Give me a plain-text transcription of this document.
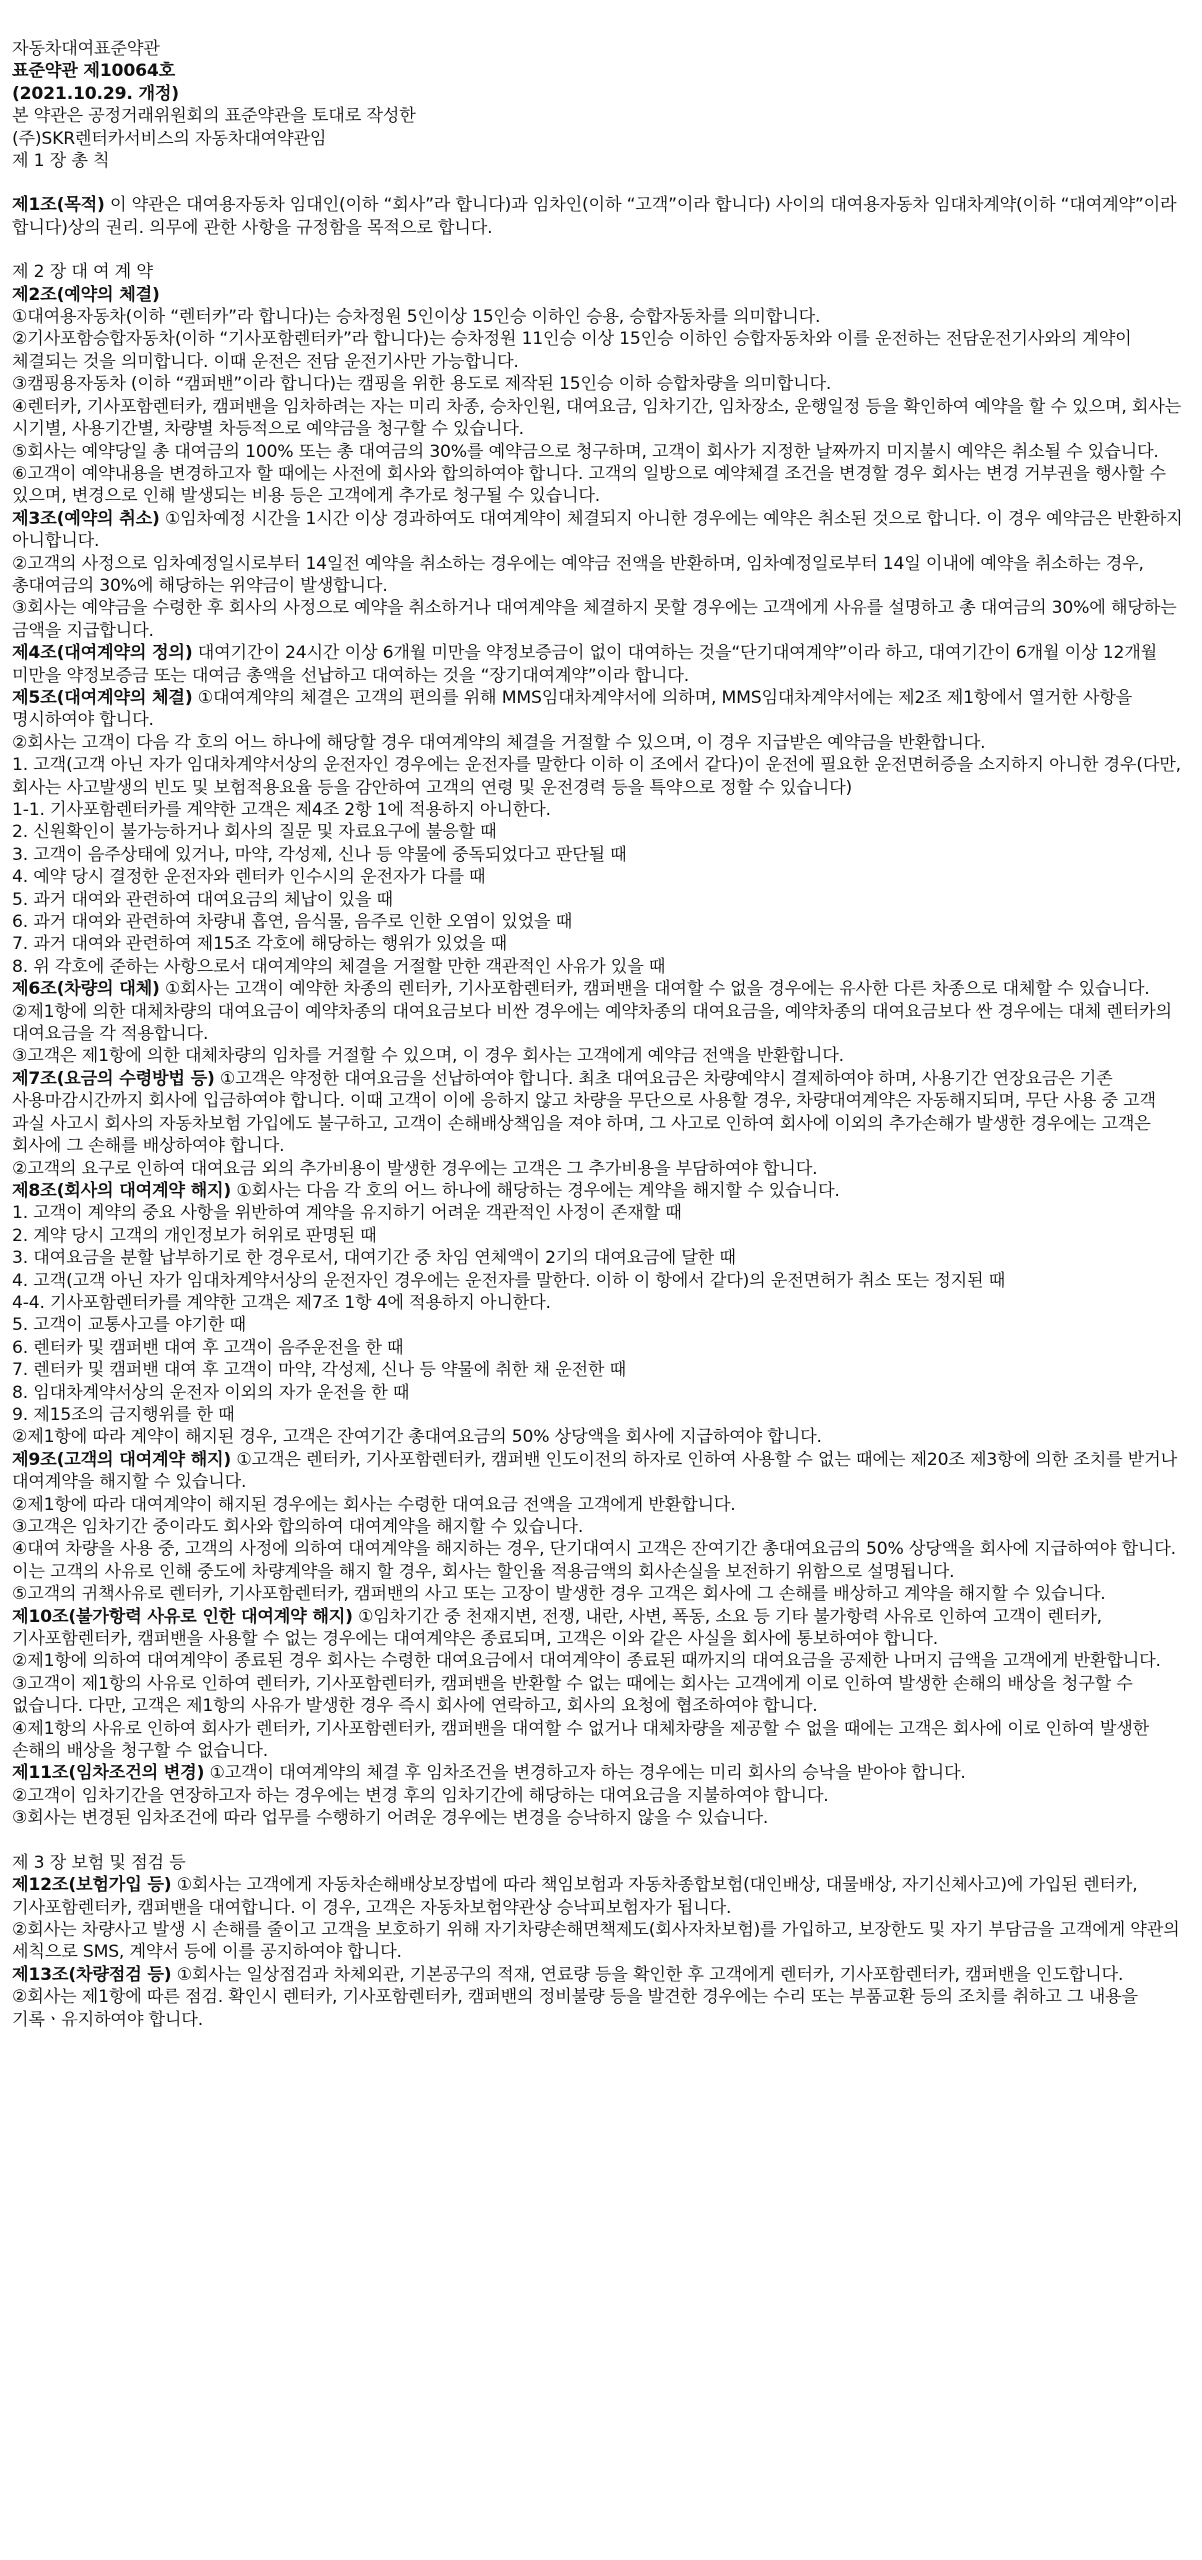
자동차대여표준약관
표준약관 제10064호
(2021.10.29. 개정)
본 약관은 공정거래위원회의 표준약관을 토대로 작성한
(주)SKR렌터카서비스의 자동차대여약관임
제 1 장 총 칙
제1조(목적) 이 약관은 대여용자동차 임대인(이하 “회사”라 합니다)과 임차인(이하 “고객”이라 합니다) 사이의 대여용자동차 임대차계약(이하 “대여계약”이라 합니다)상의 권리. 의무에 관한 사항을 규정함을 목적으로 합니다.
제 2 장 대 여 계 약
제2조(예약의 체결)
①대여용자동차(이하 “렌터카”라 합니다)는 승차정원 5인이상 15인승 이하인 승용, 승합자동차를 의미합니다.
②기사포함승합자동차(이하 “기사포함렌터카”라 합니다)는 승차정원 11인승 이상 15인승 이하인 승합자동차와 이를 운전하는 전담운전기사와의 계약이 체결되는 것을 의미합니다. 이때 운전은 전담 운전기사만 가능합니다.
③캠핑용자동차 (이하 “캠퍼밴”이라 합니다)는 캠핑을 위한 용도로 제작된 15인승 이하 승합차량을 의미합니다.
④렌터카, 기사포함렌터카, 캠퍼밴을 임차하려는 자는 미리 차종, 승차인원, 대여요금, 임차기간, 임차장소, 운행일정 등을 확인하여 예약을 할 수 있으며, 회사는 시기별, 사용기간별, 차량별 차등적으로 예약금을 청구할 수 있습니다.
⑤회사는 예약당일 총 대여금의 100% 또는 총 대여금의 30%를 예약금으로 청구하며, 고객이 회사가 지정한 날짜까지 미지불시 예약은 취소될 수 있습니다.
⑥고객이 예약내용을 변경하고자 할 때에는 사전에 회사와 합의하여야 합니다. 고객의 일방으로 예약체결 조건을 변경할 경우 회사는 변경 거부권을 행사할 수 있으며, 변경으로 인해 발생되는 비용 등은 고객에게 추가로 청구될 수 있습니다.
제3조(예약의 취소) ①임차예정 시간을 1시간 이상 경과하여도 대여계약이 체결되지 아니한 경우에는 예약은 취소된 것으로 합니다. 이 경우 예약금은 반환하지 아니합니다.
②고객의 사정으로 임차예정일시로부터 14일전 예약을 취소하는 경우에는 예약금 전액을 반환하며, 임차예정일로부터 14일 이내에 예약을 취소하는 경우, 총대여금의 30%에 해당하는 위약금이 발생합니다.
③회사는 예약금을 수령한 후 회사의 사정으로 예약을 취소하거나 대여계약을 체결하지 못할 경우에는 고객에게 사유를 설명하고 총 대여금의 30%에 해당하는 금액을 지급합니다.
제4조(대여계약의 정의) 대여기간이 24시간 이상 6개월 미만을 약정보증금이 없이 대여하는 것을“단기대여계약”이라 하고, 대여기간이 6개월 이상 12개월 미만을 약정보증금 또는 대여금 총액을 선납하고 대여하는 것을 “장기대여계약”이라 합니다.
제5조(대여계약의 체결) ①대여계약의 체결은 고객의 편의를 위해 MMS임대차계약서에 의하며, MMS임대차계약서에는 제2조 제1항에서 열거한 사항을 명시하여야 합니다.
②회사는 고객이 다음 각 호의 어느 하나에 해당할 경우 대여계약의 체결을 거절할 수 있으며, 이 경우 지급받은 예약금을 반환합니다.
1. 고객(고객 아닌 자가 임대차계약서상의 운전자인 경우에는 운전자를 말한다 이하 이 조에서 같다)이 운전에 필요한 운전면허증을 소지하지 아니한 경우(다만, 회사는 사고발생의 빈도 및 보험적용요율 등을 감안하여 고객의 연령 및 운전경력 등을 특약으로 정할 수 있습니다)
1-1. 기사포함렌터카를 계약한 고객은 제4조 2항 1에 적용하지 아니한다.
2. 신원확인이 불가능하거나 회사의 질문 및 자료요구에 불응할 때
3. 고객이 음주상태에 있거나, 마약, 각성제, 신나 등 약물에 중독되었다고 판단될 때
4. 예약 당시 결정한 운전자와 렌터카 인수시의 운전자가 다를 때
5. 과거 대여와 관련하여 대여요금의 체납이 있을 때
6. 과거 대여와 관련하여 차량내 흡연, 음식물, 음주로 인한 오염이 있었을 때
7. 과거 대여와 관련하여 제15조 각호에 해당하는 행위가 있었을 때
8. 위 각호에 준하는 사항으로서 대여계약의 체결을 거절할 만한 객관적인 사유가 있을 때
제6조(차량의 대체) ①회사는 고객이 예약한 차종의 렌터카, 기사포함렌터카, 캠퍼밴을 대여할 수 없을 경우에는 유사한 다른 차종으로 대체할 수 있습니다.
②제1항에 의한 대체차량의 대여요금이 예약차종의 대여요금보다 비싼 경우에는 예약차종의 대여요금을, 예약차종의 대여요금보다 싼 경우에는 대체 렌터카의 대여요금을 각 적용합니다.
③고객은 제1항에 의한 대체차량의 임차를 거절할 수 있으며, 이 경우 회사는 고객에게 예약금 전액을 반환합니다.
제7조(요금의 수령방법 등) ①고객은 약정한 대여요금을 선납하여야 합니다. 최초 대여요금은 차량예약시 결제하여야 하며, 사용기간 연장요금은 기존 사용마감시간까지 회사에 입금하여야 합니다. 이때 고객이 이에 응하지 않고 차량을 무단으로 사용할 경우, 차량대여계약은 자동해지되며, 무단 사용 중 고객 과실 사고시 회사의 자동차보험 가입에도 불구하고, 고객이 손해배상책임을 져야 하며, 그 사고로 인하여 회사에 이외의 추가손해가 발생한 경우에는 고객은 회사에 그 손해를 배상하여야 합니다.
②고객의 요구로 인하여 대여요금 외의 추가비용이 발생한 경우에는 고객은 그 추가비용을 부담하여야 합니다.
제8조(회사의 대여계약 해지) ①회사는 다음 각 호의 어느 하나에 해당하는 경우에는 계약을 해지할 수 있습니다.
1. 고객이 계약의 중요 사항을 위반하여 계약을 유지하기 어려운 객관적인 사정이 존재할 때
2. 계약 당시 고객의 개인정보가 허위로 판명된 때
3. 대여요금을 분할 납부하기로 한 경우로서, 대여기간 중 차임 연체액이 2기의 대여요금에 달한 때
4. 고객(고객 아닌 자가 임대차계약서상의 운전자인 경우에는 운전자를 말한다. 이하 이 항에서 같다)의 운전면허가 취소 또는 정지된 때
4-4. 기사포함렌터카를 계약한 고객은 제7조 1항 4에 적용하지 아니한다.
5. 고객이 교통사고를 야기한 때
6. 렌터카 및 캠퍼밴 대여 후 고객이 음주운전을 한 때
7. 렌터카 및 캠퍼밴 대여 후 고객이 마약, 각성제, 신나 등 약물에 취한 채 운전한 때
8. 임대차계약서상의 운전자 이외의 자가 운전을 한 때
9. 제15조의 금지행위를 한 때
②제1항에 따라 계약이 해지된 경우, 고객은 잔여기간 총대여요금의 50% 상당액을 회사에 지급하여야 합니다.
제9조(고객의 대여계약 해지) ①고객은 렌터카, 기사포함렌터카, 캠퍼밴 인도이전의 하자로 인하여 사용할 수 없는 때에는 제20조 제3항에 의한 조치를 받거나 대여계약을 해지할 수 있습니다.
②제1항에 따라 대여계약이 해지된 경우에는 회사는 수령한 대여요금 전액을 고객에게 반환합니다.
③고객은 임차기간 중이라도 회사와 합의하여 대여계약을 해지할 수 있습니다.
④대여 차량을 사용 중, 고객의 사정에 의하여 대여계약을 해지하는 경우, 단기대여시 고객은 잔여기간 총대여요금의 50% 상당액을 회사에 지급하여야 합니다.
이는 고객의 사유로 인해 중도에 차량계약을 해지 할 경우, 회사는 할인율 적용금액의 회사손실을 보전하기 위함으로 설명됩니다.
⑤고객의 귀책사유로 렌터카, 기사포함렌터카, 캠퍼밴의 사고 또는 고장이 발생한 경우 고객은 회사에 그 손해를 배상하고 계약을 해지할 수 있습니다.
제10조(불가항력 사유로 인한 대여계약 해지) ①임차기간 중 천재지변, 전쟁, 내란, 사변, 폭동, 소요 등 기타 불가항력 사유로 인하여 고객이 렌터카, 기사포함렌터카, 캠퍼밴을 사용할 수 없는 경우에는 대여계약은 종료되며, 고객은 이와 같은 사실을 회사에 통보하여야 합니다.
②제1항에 의하여 대여계약이 종료된 경우 회사는 수령한 대여요금에서 대여계약이 종료된 때까지의 대여요금을 공제한 나머지 금액을 고객에게 반환합니다.
③고객이 제1항의 사유로 인하여 렌터카, 기사포함렌터카, 캠퍼밴을 반환할 수 없는 때에는 회사는 고객에게 이로 인하여 발생한 손해의 배상을 청구할 수 없습니다. 다만, 고객은 제1항의 사유가 발생한 경우 즉시 회사에 연락하고, 회사의 요청에 협조하여야 합니다.
④제1항의 사유로 인하여 회사가 렌터카, 기사포함렌터카, 캠퍼밴을 대여할 수 없거나 대체차량을 제공할 수 없을 때에는 고객은 회사에 이로 인하여 발생한 손해의 배상을 청구할 수 없습니다.
제11조(임차조건의 변경) ①고객이 대여계약의 체결 후 임차조건을 변경하고자 하는 경우에는 미리 회사의 승낙을 받아야 합니다.
②고객이 임차기간을 연장하고자 하는 경우에는 변경 후의 임차기간에 해당하는 대여요금을 지불하여야 합니다.
③회사는 변경된 임차조건에 따라 업무를 수행하기 어려운 경우에는 변경을 승낙하지 않을 수 있습니다.
제 3 장 보험 및 점검 등
제12조(보험가입 등) ①회사는 고객에게 자동차손해배상보장법에 따라 책임보험과 자동차종합보험(대인배상, 대물배상, 자기신체사고)에 가입된 렌터카, 기사포함렌터카, 캠퍼밴을 대여합니다. 이 경우, 고객은 자동차보험약관상 승낙피보험자가 됩니다.
②회사는 차량사고 발생 시 손해를 줄이고 고객을 보호하기 위해 자기차량손해면책제도(회사자차보험)를 가입하고, 보장한도 및 자기 부담금을 고객에게 약관의 세칙으로 SMS, 계약서 등에 이를 공지하여야 합니다.
제13조(차량점검 등) ①회사는 일상점검과 차체외관, 기본공구의 적재, 연료량 등을 확인한 후 고객에게 렌터카, 기사포함렌터카, 캠퍼밴을 인도합니다.
②회사는 제1항에 따른 점검. 확인시 렌터카, 기사포함렌터카, 캠퍼밴의 정비불량 등을 발견한 경우에는 수리 또는 부품교환 등의 조치를 취하고 그 내용을 기록ㆍ유지하여야 합니다.
